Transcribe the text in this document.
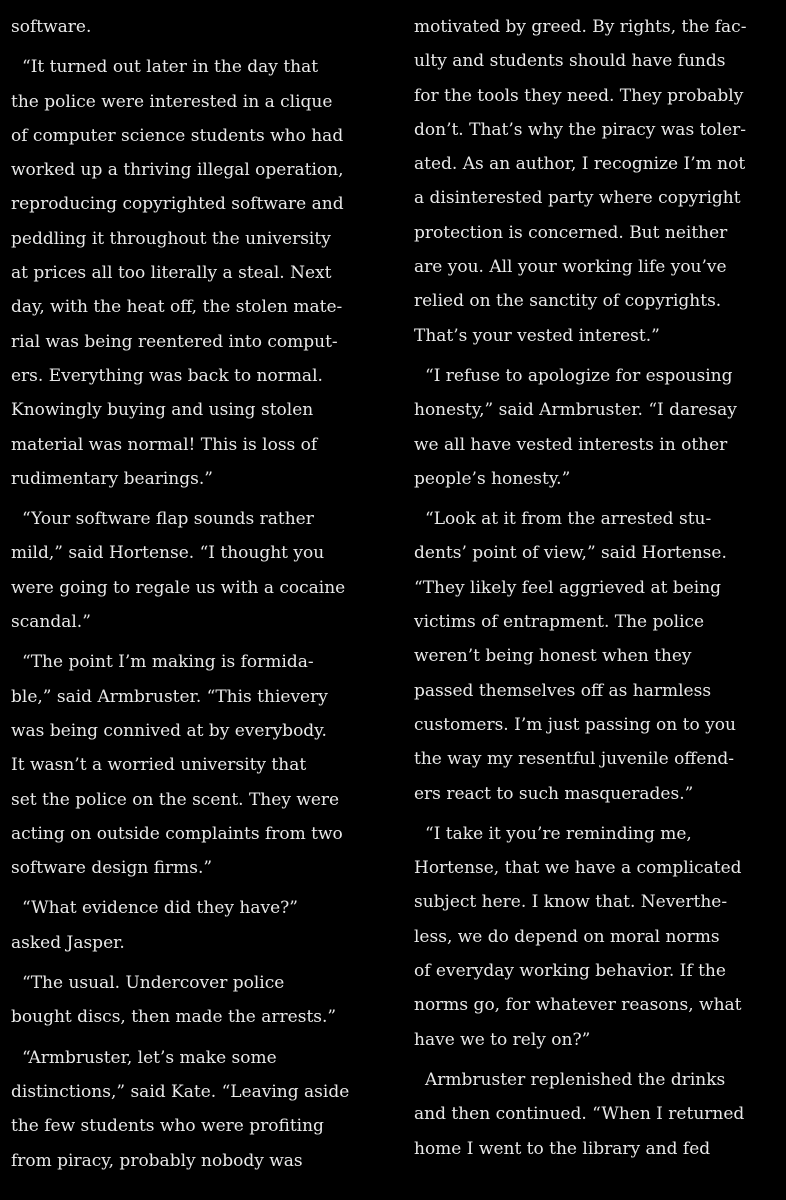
software.
“It turned out later in the day that
the police were interested in a clique
of computer science students who had
worked up a thriving illegal operation,
reproducing copyrighted software and
peddling it throughout the university
at prices all too literally a steal. Next
day, with the heat off, the stolen mate-
rial was being reentered into comput-
ers. Everything was back to normal.
Knowingly buying and using stolen
material was normal! This is loss of
rudimentary bearings.”
“Your software flap sounds rather
mild,” said Hortense. “I thought you
were going to regale us with a cocaine
scandal.”
“The point I’m making is formida-
ble,” said Armbruster. “This thievery
was being connived at by everybody.
It wasn’t a worried university that
set the police on the scent. They were
acting on outside complaints from two
software design firms.”
“What evidence did they have?”
asked Jasper.
“The usual. Undercover police
bought discs, then made the arrests.”
“Armbruster, let’s make some
distinctions,” said Kate. “Leaving aside
the few students who were profiting
from piracy, probably nobody was
motivated by greed. By rights, the fac-
ulty and students should have funds
for the tools they need. They probably
don’t. That’s why the piracy was toler-
ated. As an author, I recognize I’m not
a disinterested party where copyright
protection is concerned. But neither
are you. All your working life you’ve
relied on the sanctity of copyrights.
That’s your vested interest.”
“I refuse to apologize for espousing
honesty,” said Armbruster. “I daresay
we all have vested interests in other
people’s honesty.”
“Look at it from the arrested stu-
dents’ point of view,” said Hortense.
“They likely feel aggrieved at being
victims of entrapment. The police
weren’t being honest when they
passed themselves off as harmless
customers. I’m just passing on to you
the way my resentful juvenile offend-
ers react to such masquerades.”
“I take it you’re reminding me,
Hortense, that we have a complicated
subject here. I know that. Neverthe-
less, we do depend on moral norms
of everyday working behavior. If the
norms go, for whatever reasons, what
have we to rely on?”
Armbruster replenished the drinks
and then continued. “When I returned
home I went to the library and fed
